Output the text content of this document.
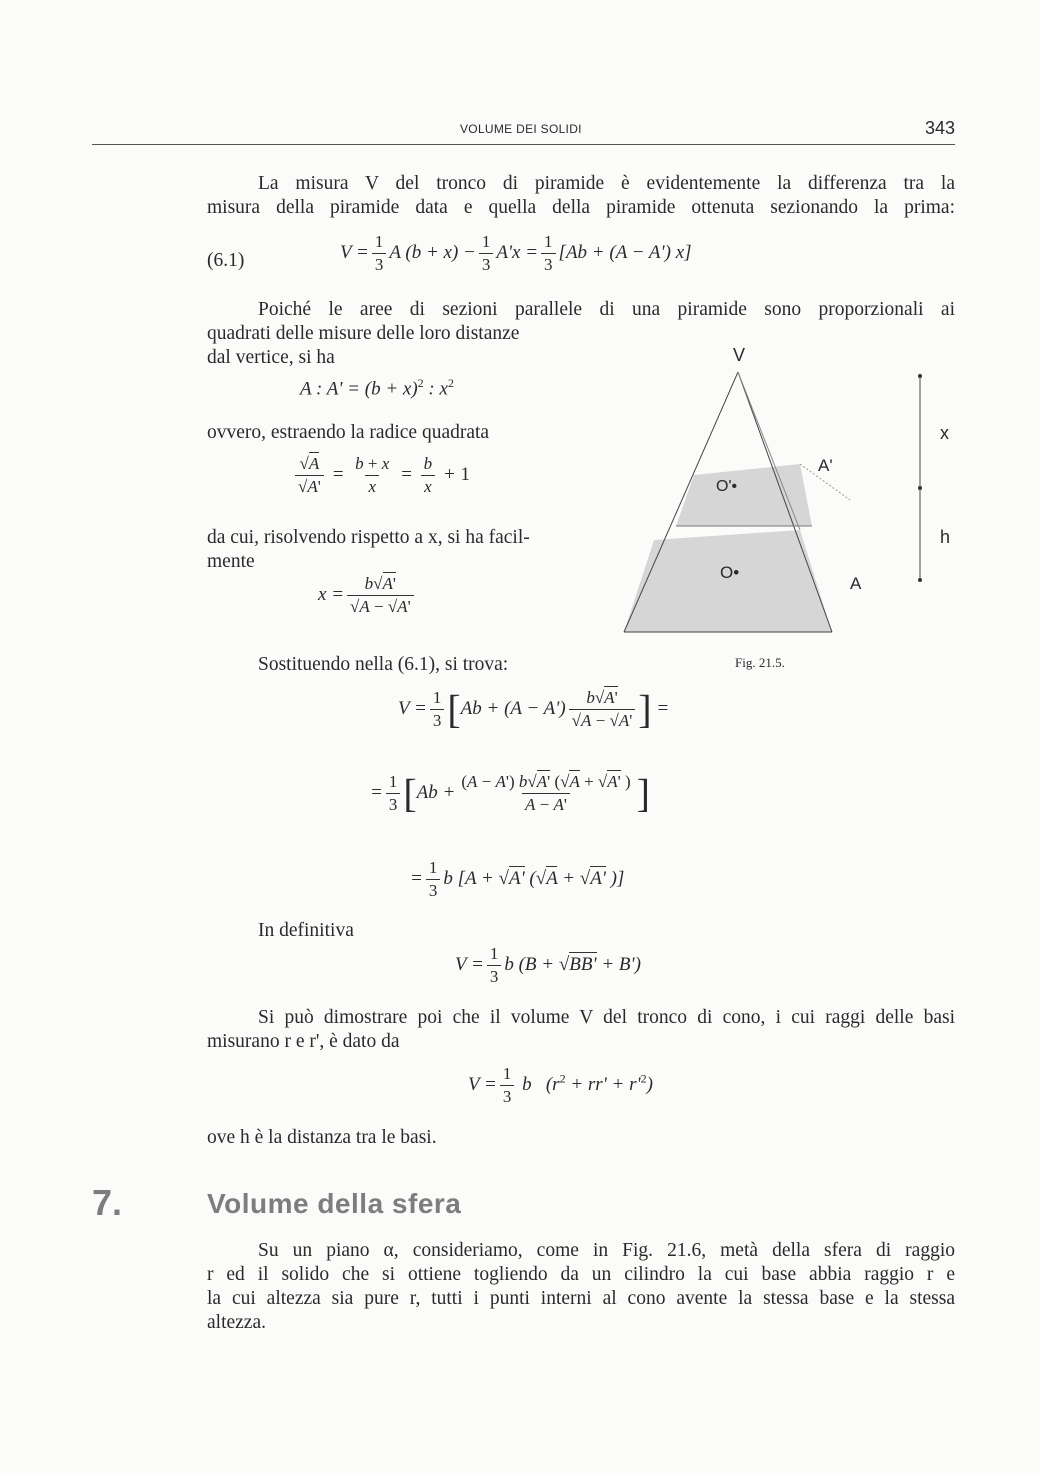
VOLUME DEI SOLIDI	343
La misura V del tronco di piramide è evidentemente la differenza tra la
misura della piramide data e quella della piramide ottenuta sezionando la prima:
(6.1)	$V = \frac{1}{3}$ A $(b + x) - \frac{1}{3} A'x = \frac{1}{3} [Ab + (A - A')$ x]
Poiché le aree di sezioni parallele di una piramide sono proporzionali ai
quadrati delle misure delle loro distanze
dal vertice, si ha
A : $A' = (b + x)^2$ : $x^2$
ovvero, estraendo la radice quadrata
$\frac{√A}{√A'} = \frac{b + x}{x} = \frac{b}{x} + 1$
da cui, risolvendo rispetto a x, si ha facil-
mente
$x = \frac{b√A'}{√A - √A'}$
V
A'
A
O'•
O•
x
h
Fig. 21.5.
Sostituendo nella (6.1), si trova:
$V = \frac{1}{3} [Ab + (A - A') \frac{b√A'}{√A - √A'}$ ] =
= $\frac{1}{3} [Ab + \frac{(A - A') b√A' (√A + √A' )}{A - A'}$ ]
= $\frac{1}{3}$ b [A + √A' (√A + √A' )]
In definitiva
$V = \frac{1}{3}$ b (B + √BB' + B')
Si può dimostrare poi che il volume V del tronco di cono, i cui raggi delle basi
misurano r e r', è dato da
$V = \frac{1}{3}$ b   $(r^2 + rr' + r'^2)$
ove h è la distanza tra le basi.
7.	Volume della sfera
Su un piano α, consideriamo, come in Fig. 21.6, metà della sfera di raggio
r ed il solido che si ottiene togliendo da un cilindro la cui base abbia raggio r e
la cui altezza sia pure r, tutti i punti interni al cono avente la stessa base e la stessa
altezza.
